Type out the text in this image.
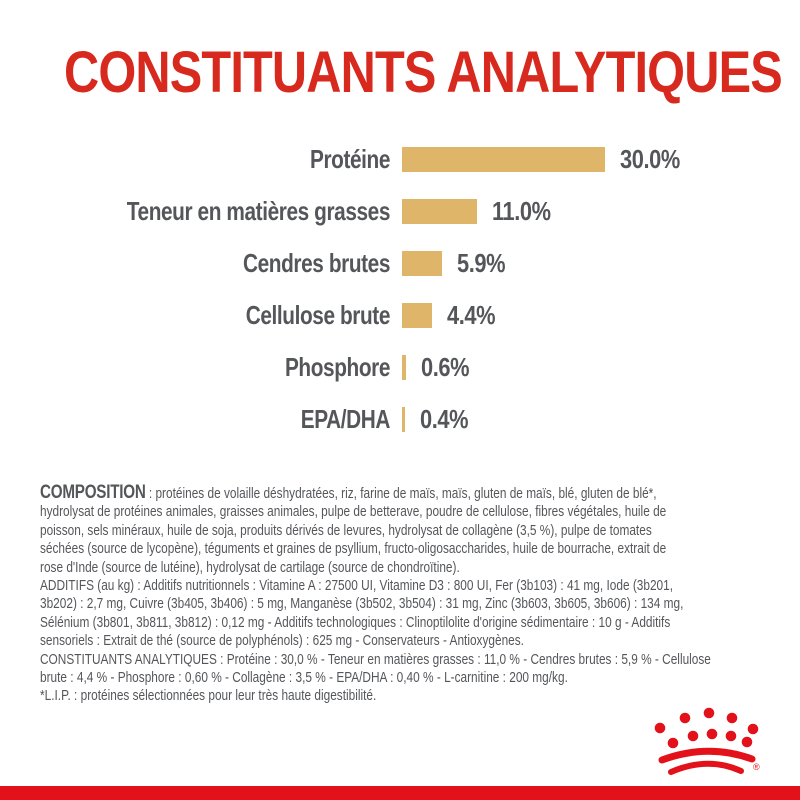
CONSTITUANTS ANALYTIQUES
Protéine	30.0%
Teneur en matières grasses	11.0%
Cendres brutes	5.9%
Cellulose brute 4.4%
Phosphore 0.6%
EPA/DHA 0.4%
COMPOSITION : protéines de volaille déshydratées, riz, farine de maïs, maïs, gluten de maïs, blé, gluten de blé*,
hydrolysat de protéines animales, graisses animales, pulpe de betterave, poudre de cellulose, fibres végétales, huile de
poisson, sels minéraux, huile de soja, produits dérivés de levures, hydrolysat de collagène (3,5 %), pulpe de tomates
séchées (source de lycopène), téguments et graines de psyllium, fructo-oligosaccharides, huile de bourrache, extrait de
rose d'Inde (source de lutéine), hydrolysat de cartilage (source de chondroïtine).
ADDITIFS (au kg) : Additifs nutritionnels : Vitamine A : 27500 UI, Vitamine D3 : 800 UI, Fer (3b103) : 41 mg, Iode (3b201,
3b202) : 2,7 mg, Cuivre (3b405, 3b406) : 5 mg, Manganèse (3b502, 3b504) : 31 mg, Zinc (3b603, 3b605, 3b606) : 134 mg,
Sélénium (3b801, 3b811, 3b812) : 0,12 mg - Additifs technologiques : Clinoptilolite d'origine sédimentaire : 10 g - Additifs
sensoriels : Extrait de thé (source de polyphénols) : 625 mg - Conservateurs - Antioxygènes.
CONSTITUANTS ANALYTIQUES : Protéine : 30,0 % - Teneur en matières grasses : 11,0 % - Cendres brutes : 5,9 % - Cellulose
brute : 4,4 % - Phosphore : 0,60 % - Collagène : 3,5 % - EPA/DHA : 0,40 % - L-carnitine : 200 mg/kg.
*L.I.P. : protéines sélectionnées pour leur très haute digestibilité.
®
